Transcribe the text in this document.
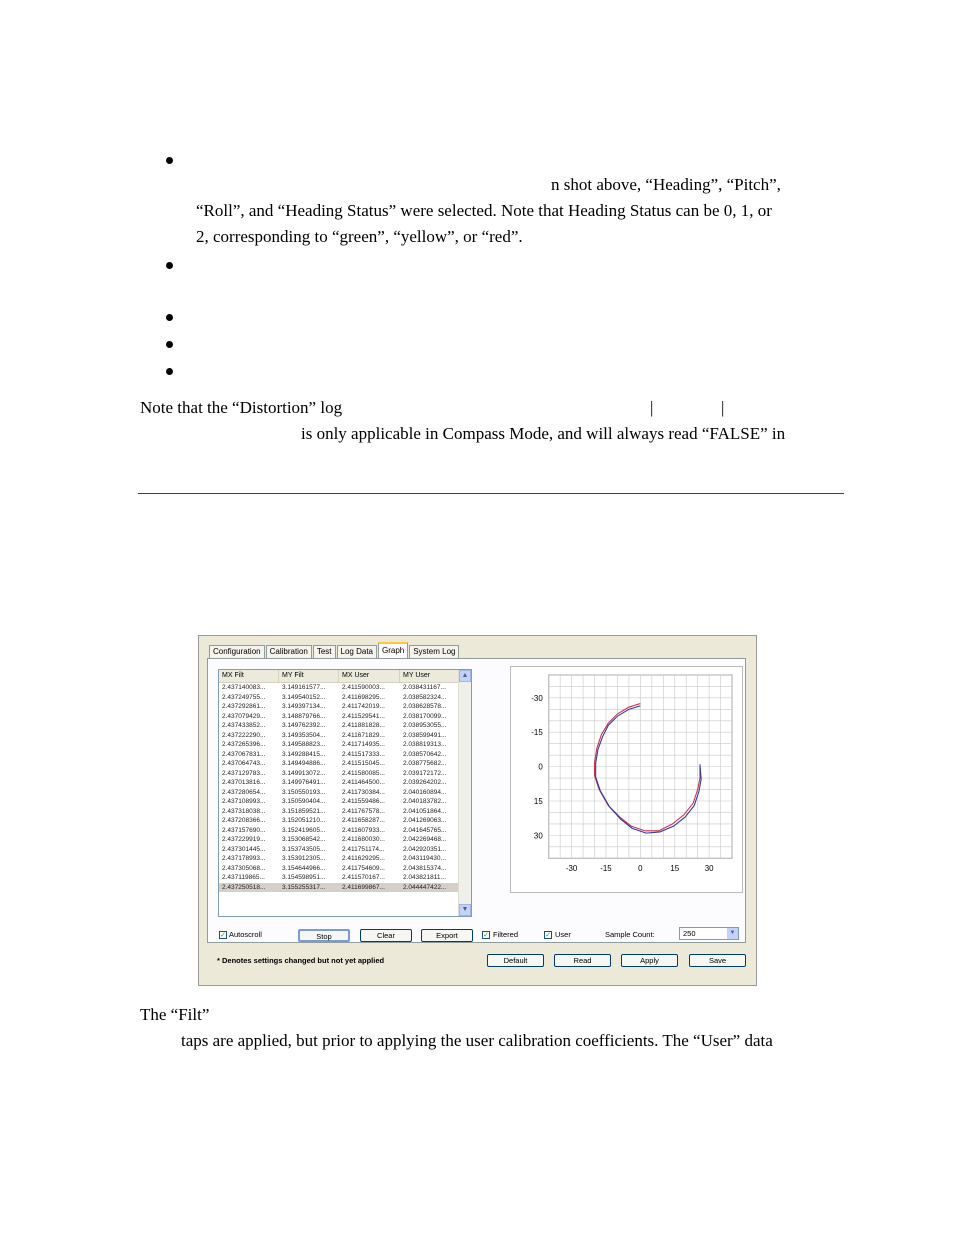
n shot above, “Heading”, “Pitch”,
“Roll”, and “Heading Status” were selected. Note that Heading Status can be 0, 1, or
2, corresponding to “green”, “yellow”, or “red”.
Note that the “Distortion” log	|	|
is only applicable in Compass Mode, and will always read “FALSE” in
Configuration	Calibration	Test	Log Data	Graph	System Log
MX Filt	MY Filt	MX User	MY User
2.437140083...	3.149161577...	2.411590003...	2.038431167...
2.437249755...	3.149540152...	2.411698295...	2.038582324...
2.437292861...	3.149397134...	2.411742019...	2.038628578...
2.437079429...	3.148879766...	2.411529541...	2.038170099...
2.437433852...	3.149762392...	2.411881828...	2.038953055...
2.437222290...	3.149353504...	2.411671829...	2.038599491...
2.437265396...	3.149588823...	2.411714935...	2.038819313...
2.437067831...	3.149288415...	2.411517333...	2.038570642...
2.437064743...	3.149494886...	2.411515045...	2.038775682...
2.437129783...	3.149913072...	2.411580085...	2.039172172...
2.437013816...	3.149976491...	2.411464500...	2.039264202...
2.437280654...	3.150550193...	2.411730384...	2.040160894...
2.437108993...	3.150590404...	2.411559486...	2.040183782...
2.437318038...	3.151859521...	2.411767578...	2.041051864...
2.437208366...	3.152051210...	2.411658287...	2.041269063...
2.437157690...	3.152419605...	2.411607933...	2.041645765...
2.437229919...	3.153068542...	2.411680030...	2.042269468...
2.437301445...	3.153743505...	2.411751174...	2.042920351...
2.437178993...	3.153912305...	2.411629295...	2.043119430...
2.437305068...	3.154644966...	2.411754609...	2.043815374...
2.437119865...	3.154598951...	2.411570167...	2.043821811...
2.437250518...	3.155255317...	2.411699867...	2.044447422...
▲
▼
-30	-15	0	15	30
-30
-15
0
15
30
✓ Autoscroll	Stop	Clear	Export	✓ Filtered	✓ User	Sample Count:	250	▼
* Denotes settings changed but not yet applied	Default	Read	Apply	Save
The “Filt”
taps are applied, but prior to applying the user calibration coefficients. The “User” data
